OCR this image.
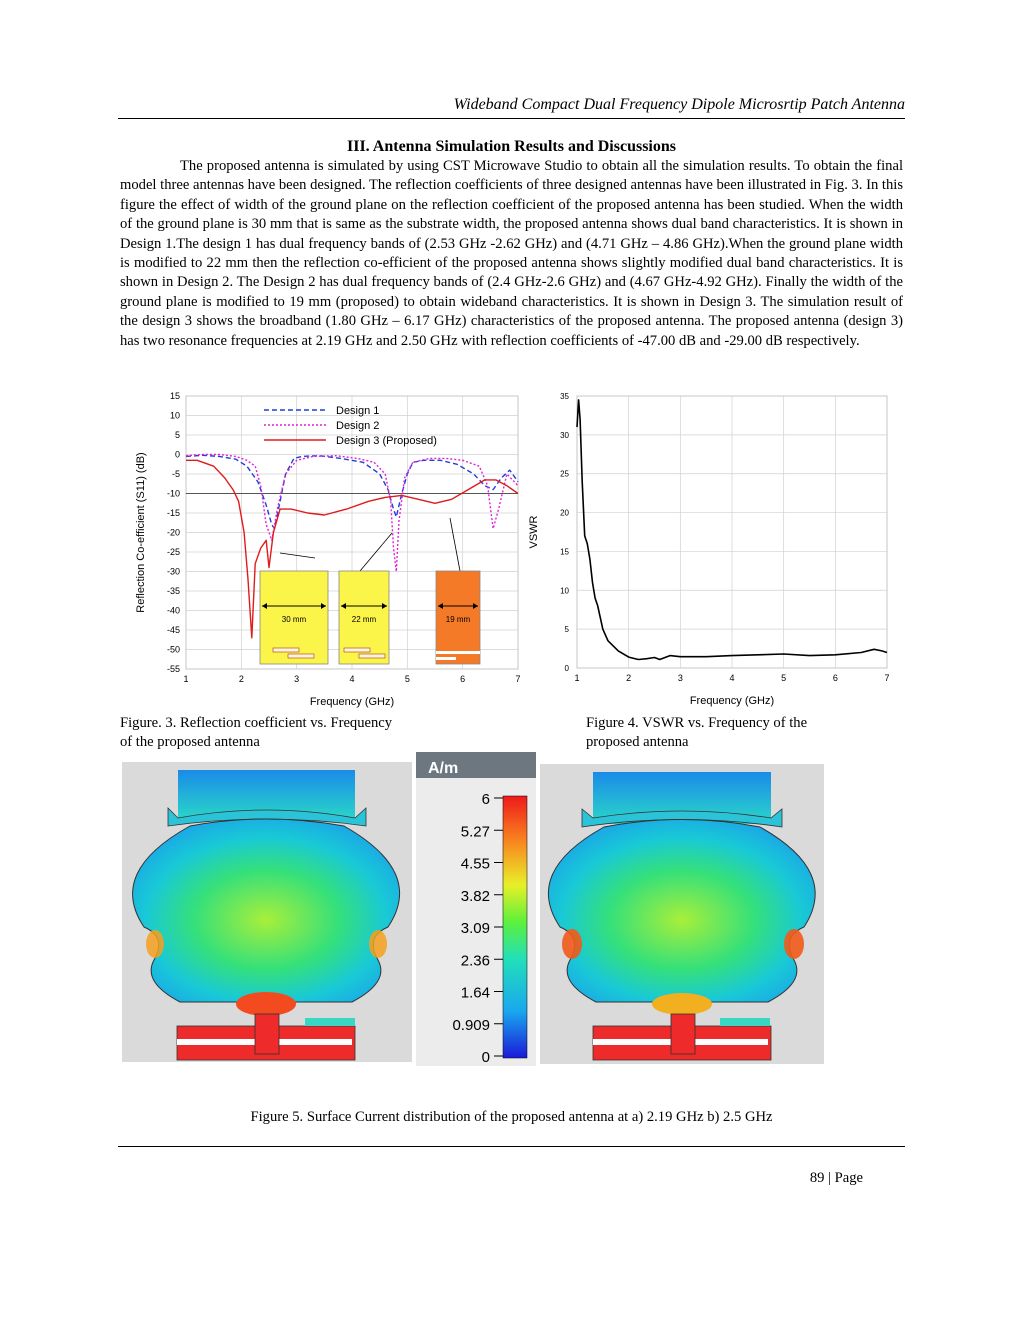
Wideband Compact Dual Frequency Dipole Microsrtip Patch Antenna
III. Antenna Simulation Results and Discussions

The proposed antenna is simulated by using CST Microwave Studio to obtain all the simulation results. To obtain the final model three antennas have been designed. The reflection coefficients of three designed antennas have been illustrated in Fig. 3. In this figure the effect of width of the ground plane on the reflection coefficient of the proposed antenna has been studied. When the width of the ground plane is 30 mm that is same as the substrate width, the proposed antenna shows dual band characteristics. It is shown in Design 1.The design 1 has dual frequency bands of (2.53 GHz -2.62 GHz) and (4.71 GHz – 4.86 GHz).When the ground plane width is modified to 22 mm then the reflection co-efficient of the proposed antenna shows slightly modified dual band characteristics. It is shown in Design 2. The Design 2 has dual frequency bands of (2.4 GHz-2.6 GHz) and (4.67 GHz-4.92 GHz). Finally the width of the ground plane is modified to 19 mm (proposed) to obtain wideband characteristics. It is shown in Design 3. The simulation result of the design 3 shows the broadband (1.80 GHz – 6.17 GHz) characteristics of the proposed antenna. The proposed antenna (design 3) has two resonance frequencies at 2.19 GHz and 2.50 GHz with reflection coefficients of -47.00 dB and -29.00 dB respectively.

30 mm	22 mm	19 mm
Design 1
Design 2
Design 3 (Proposed)
1	2	3	4	5	6	7
15
10
5
0
-5
-10
-15
-20
-25
-30
-35
-40
-45
-50
-55
Frequency (GHz)
Reflection Co-efficient (S11) (dB)
1	2	3	4	5	6	7
0
5
10
15
20
25
30
35
Frequency (GHz)
VSWR
Figure. 3. Reflection coefficient vs. Frequency
of the proposed antenna
Figure 4. VSWR vs. Frequency of the
proposed antenna
A/m
6
5.27
4.55
3.82
3.09
2.36
1.64
0.909
0
Figure 5. Surface Current distribution of the proposed antenna at a) 2.19 GHz b) 2.5 GHz
89 | Page
